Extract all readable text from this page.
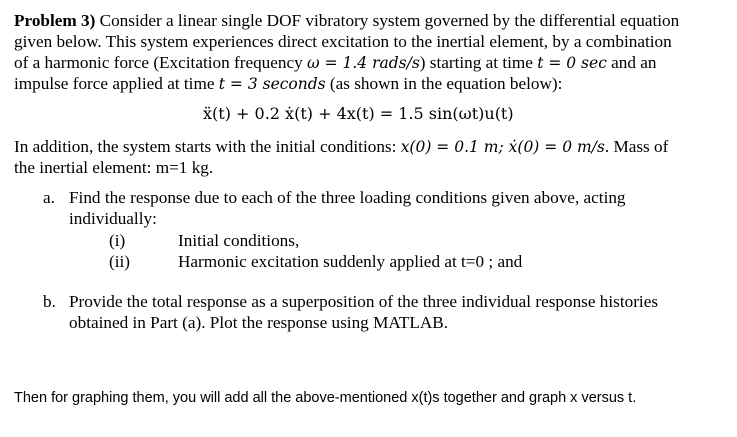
Problem 3) Consider a linear single DOF vibratory system governed by the differential equation
given below. This system experiences direct excitation to the inertial element, by a combination
of a harmonic force (Excitation frequency ω = 1.4 rads/s) starting at time t = 0 sec and an
impulse force applied at time t = 3 seconds (as shown in the equation below):
ẍ(t) + 0.2 ẋ(t) + 4x(t) = 1.5 sin(ωt)u(t)
In addition, the system starts with the initial conditions: x(0) = 0.1 m; ẋ(0) = 0 m/s. Mass of
the inertial element: m=1 kg.
a. Find the response due to each of the three loading conditions given above, acting
individually:
(i)	Initial conditions,
(ii)	Harmonic excitation suddenly applied at t=0 ; and
b. Provide the total response as a superposition of the three individual response histories
obtained in Part (a). Plot the response using MATLAB.
Then for graphing them, you will add all the above-mentioned x(t)s together and graph x versus t.
